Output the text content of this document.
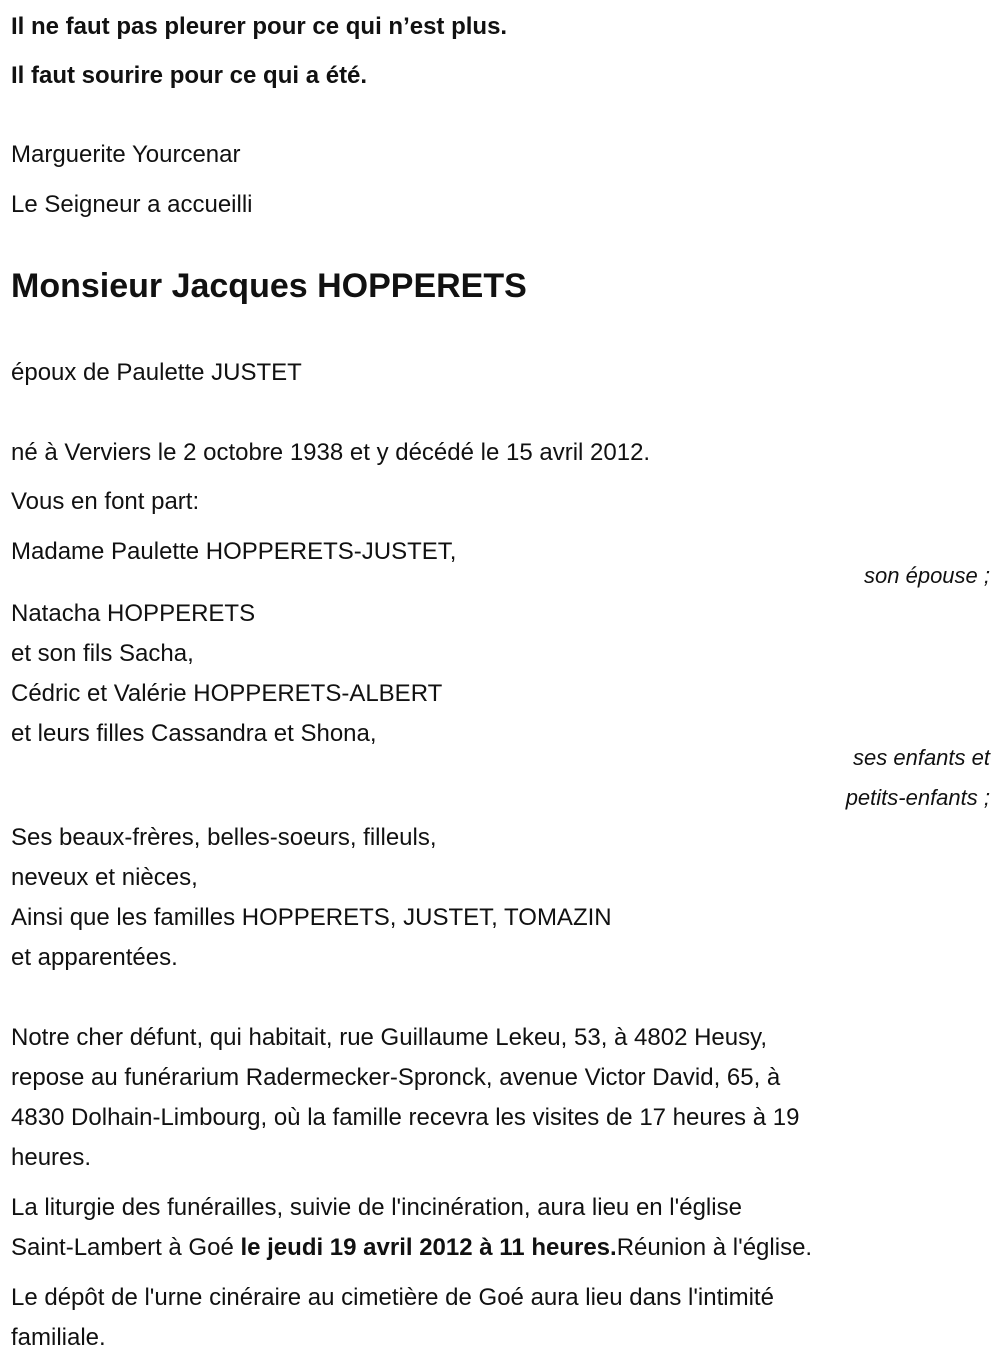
Il ne faut pas pleurer pour ce qui n’est plus.
Il faut sourire pour ce qui a été.
Marguerite Yourcenar
Le Seigneur a accueilli
Monsieur Jacques HOPPERETS
époux de Paulette JUSTET
né à Verviers le 2 octobre 1938 et y décédé le 15 avril 2012.
Vous en font part:
Madame Paulette HOPPERETS-JUSTET,
son épouse ;
Natacha HOPPERETS
et son fils Sacha,
Cédric et Valérie HOPPERETS-ALBERT
et leurs filles Cassandra et Shona,
ses enfants et
petits-enfants ;
Ses beaux-frères, belles-soeurs, filleuls,
neveux et nièces,
Ainsi que les familles HOPPERETS, JUSTET, TOMAZIN
et apparentées.
Notre cher défunt, qui habitait, rue Guillaume Lekeu, 53, à 4802 Heusy,
repose au funérarium Radermecker-Spronck, avenue Victor David, 65, à
4830 Dolhain-Limbourg, où la famille recevra les visites de 17 heures à 19
heures.
La liturgie des funérailles, suivie de l'incinération, aura lieu en l'église
Saint-Lambert à Goé le jeudi 19 avril 2012 à 11 heures.Réunion à l'église.
Le dépôt de l'urne cinéraire au cimetière de Goé aura lieu dans l'intimité
familiale.
